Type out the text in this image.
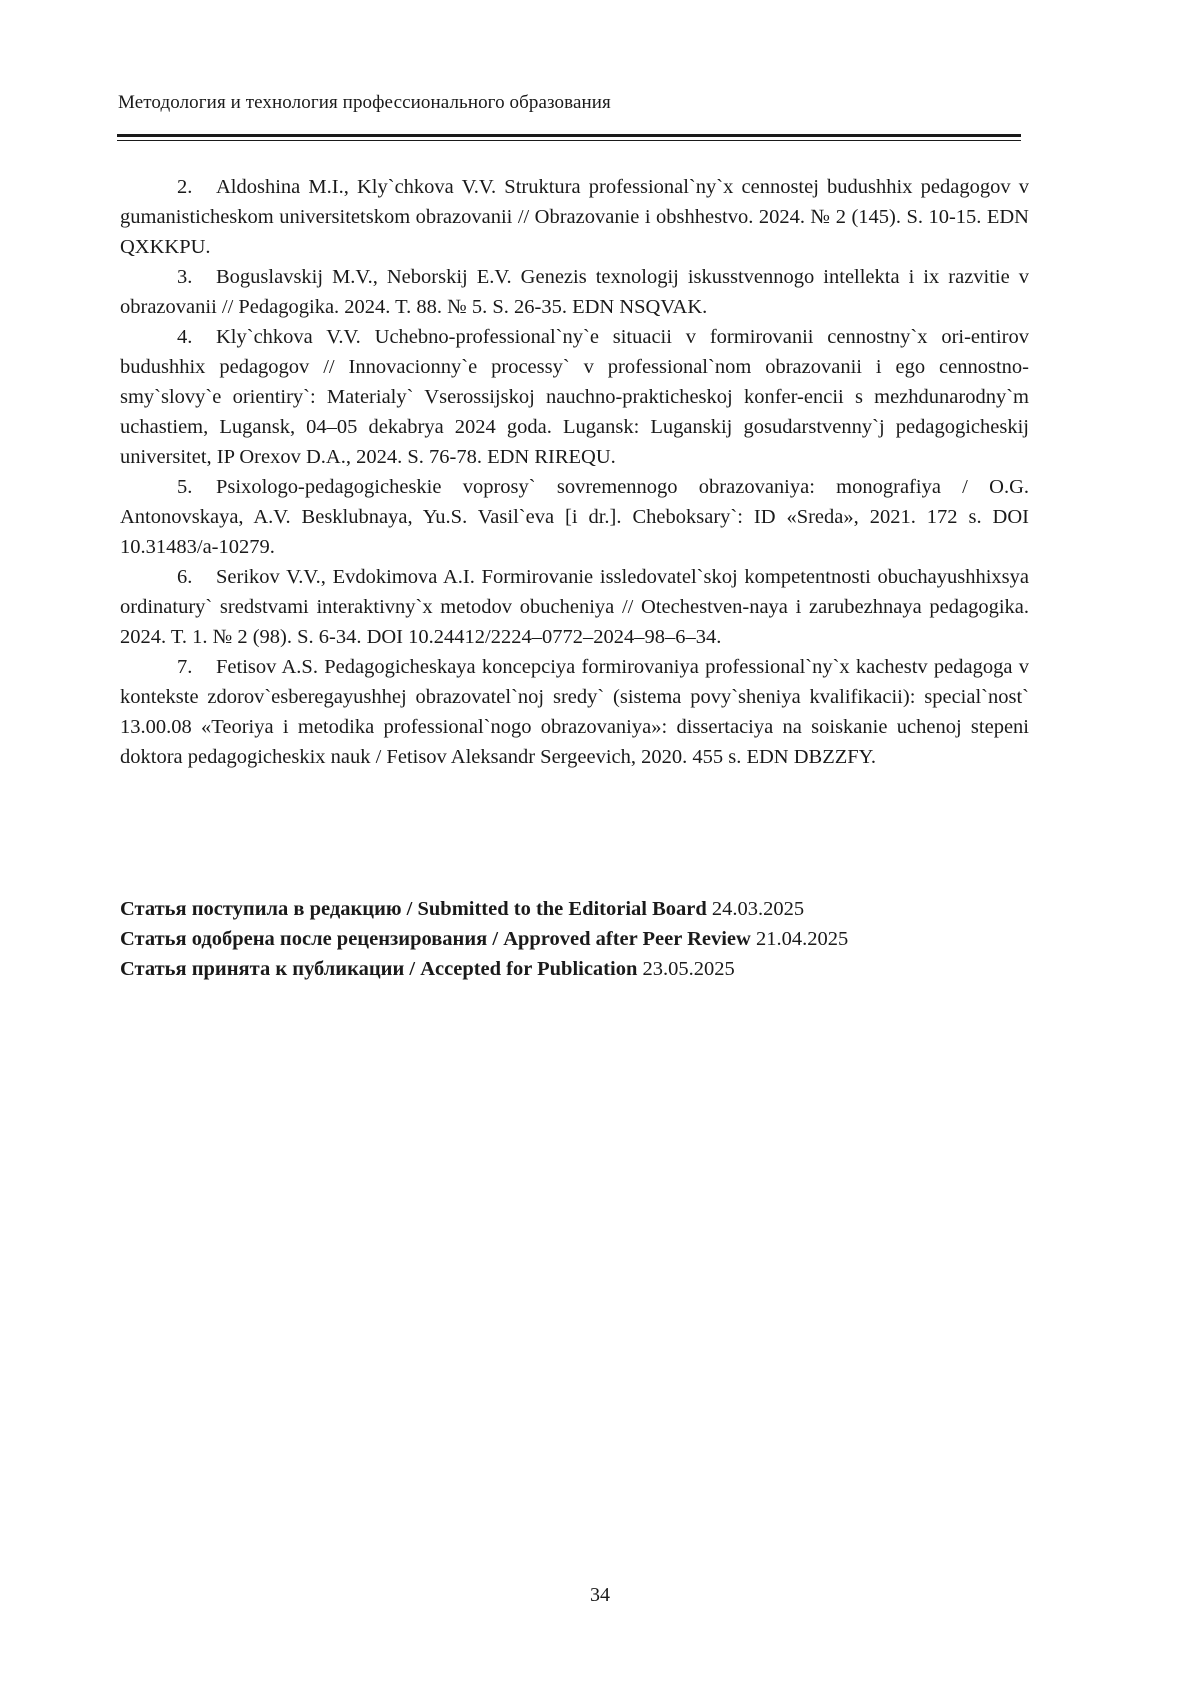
Методология и технология профессионального образования

2. Aldoshina M.I., Kly`chkova V.V. Struktura professional`ny`x cennostej budushhix pedagogov v gumanisticheskom universitetskom obrazovanii // Obrazovanie i obshhestvo. 2024. № 2 (145). S. 10-15. EDN QXKKPU.

3. Boguslavskij M.V., Neborskij E.V. Genezis texnologij iskusstvennogo intellekta i ix razvitie v obrazovanii // Pedagogika. 2024. T. 88. № 5. S. 26-35. EDN NSQVAK.

4. Kly`chkova V.V. Uchebno-professional`ny`e situacii v formirovanii cennostny`x ori-entirov budushhix pedagogov // Innovacionny`e processy` v professional`nom obrazovanii i ego cennostno-smy`slovy`e orientiry`: Materialy` Vserossijskoj nauchno-prakticheskoj konfer-encii s mezhdunarodny`m uchastiem, Lugansk, 04–05 dekabrya 2024 goda. Lugansk: Luganskij gosudarstvenny`j pedagogicheskij universitet, IP Orexov D.A., 2024. S. 76-78. EDN RIREQU.

5. Psixologo-pedagogicheskie voprosy` sovremennogo obrazovaniya: monografiya / O.G. Antonovskaya, A.V. Besklubnaya, Yu.S. Vasil`eva [i dr.]. Cheboksary`: ID «Sreda», 2021. 172 s. DOI 10.31483/a-10279.

6. Serikov V.V., Evdokimova A.I. Formirovanie issledovatel`skoj kompetentnosti obuchayushhixsya ordinatury` sredstvami interaktivny`x metodov obucheniya // Otechestven-naya i zarubezhnaya pedagogika. 2024. T. 1. № 2 (98). S. 6-34. DOI 10.24412/2224–0772–2024–98–6–34.

7. Fetisov A.S. Pedagogicheskaya koncepciya formirovaniya professional`ny`x kachestv pedagoga v kontekste zdorov`esberegayushhej obrazovatel`noj sredy` (sistema povy`sheniya kvalifikacii): special`nost` 13.00.08 «Teoriya i metodika professional`nogo obrazovaniya»: dissertaciya na soiskanie uchenoj stepeni doktora pedagogicheskix nauk / Fetisov Aleksandr Sergeevich, 2020. 455 s. EDN DBZZFY.

Статья поступила в редакцию / Submitted to the Editorial Board 24.03.2025

Статья одобрена после рецензирования / Approved after Peer Review 21.04.2025

Статья принята к публикации / Accepted for Publication 23.05.2025

34
